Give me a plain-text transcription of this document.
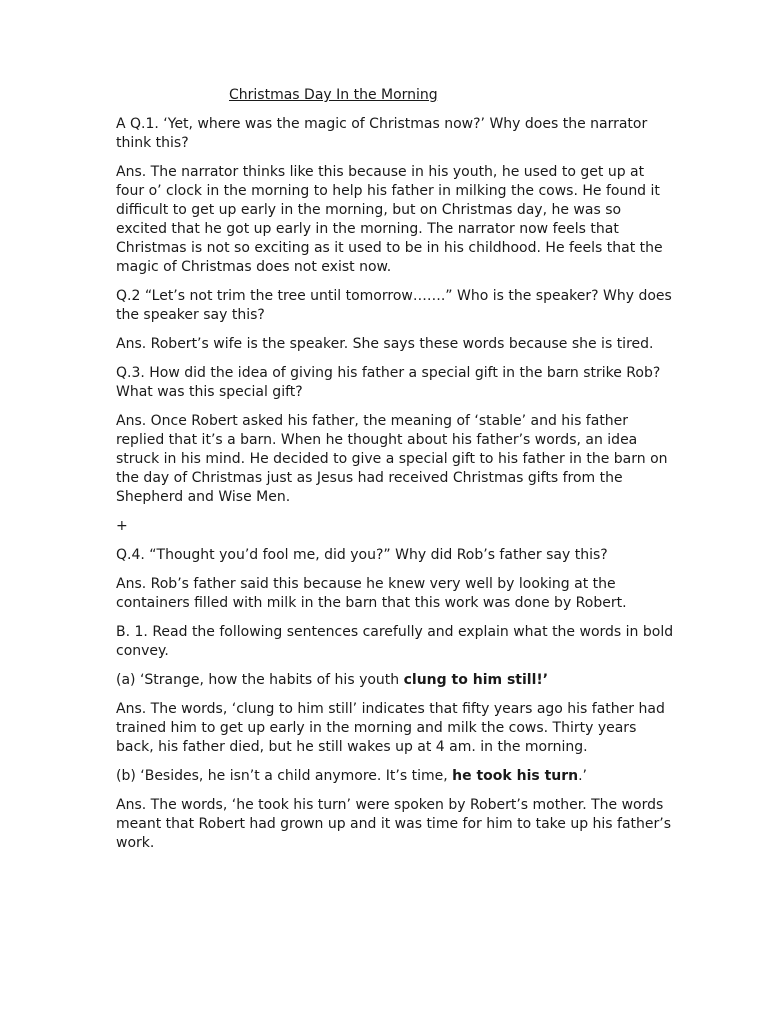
Christmas Day In the Morning

A Q.1. ‘Yet, where was the magic of Christmas now?’ Why does the narrator think this?

Ans. The narrator thinks like this because in his youth, he used to get up at four o’ clock in the morning to help his father in milking the cows. He found it difficult to get up early in the morning, but on Christmas day, he was so excited that he got up early in the morning. The narrator now feels that Christmas is not so exciting as it used to be in his childhood. He feels that the magic of Christmas does not exist now.

Q.2 “Let’s not trim the tree until tomorrow…….” Who is the speaker? Why does the speaker say this?

Ans. Robert’s wife is the speaker. She says these words because she is tired.

Q.3. How did the idea of giving his father a special gift in the barn strike Rob? What was this special gift?

Ans. Once Robert asked his father, the meaning of ‘stable’ and his father replied that it’s a barn. When he thought about his father’s words, an idea struck in his mind. He decided to give a special gift to his father in the barn on the day of Christmas just as Jesus had received Christmas gifts from the Shepherd and Wise Men.

+

Q.4. “Thought you’d fool me, did you?” Why did Rob’s father say this?

Ans. Rob’s father said this because he knew very well by looking at the containers filled with milk in the barn that this work was done by Robert.

B. 1. Read the following sentences carefully and explain what the words in bold convey.

(a) ‘Strange, how the habits of his youth clung to him still!’

Ans. The words, ‘clung to him still’ indicates that fifty years ago his father had trained him to get up early in the morning and milk the cows. Thirty years back, his father died, but he still wakes up at 4 am. in the morning.

(b) ‘Besides, he isn’t a child anymore. It’s time, he took his turn.’

Ans. The words, ‘he took his turn’ were spoken by Robert’s mother. The words meant that Robert had grown up and it was time for him to take up his father’s work.
